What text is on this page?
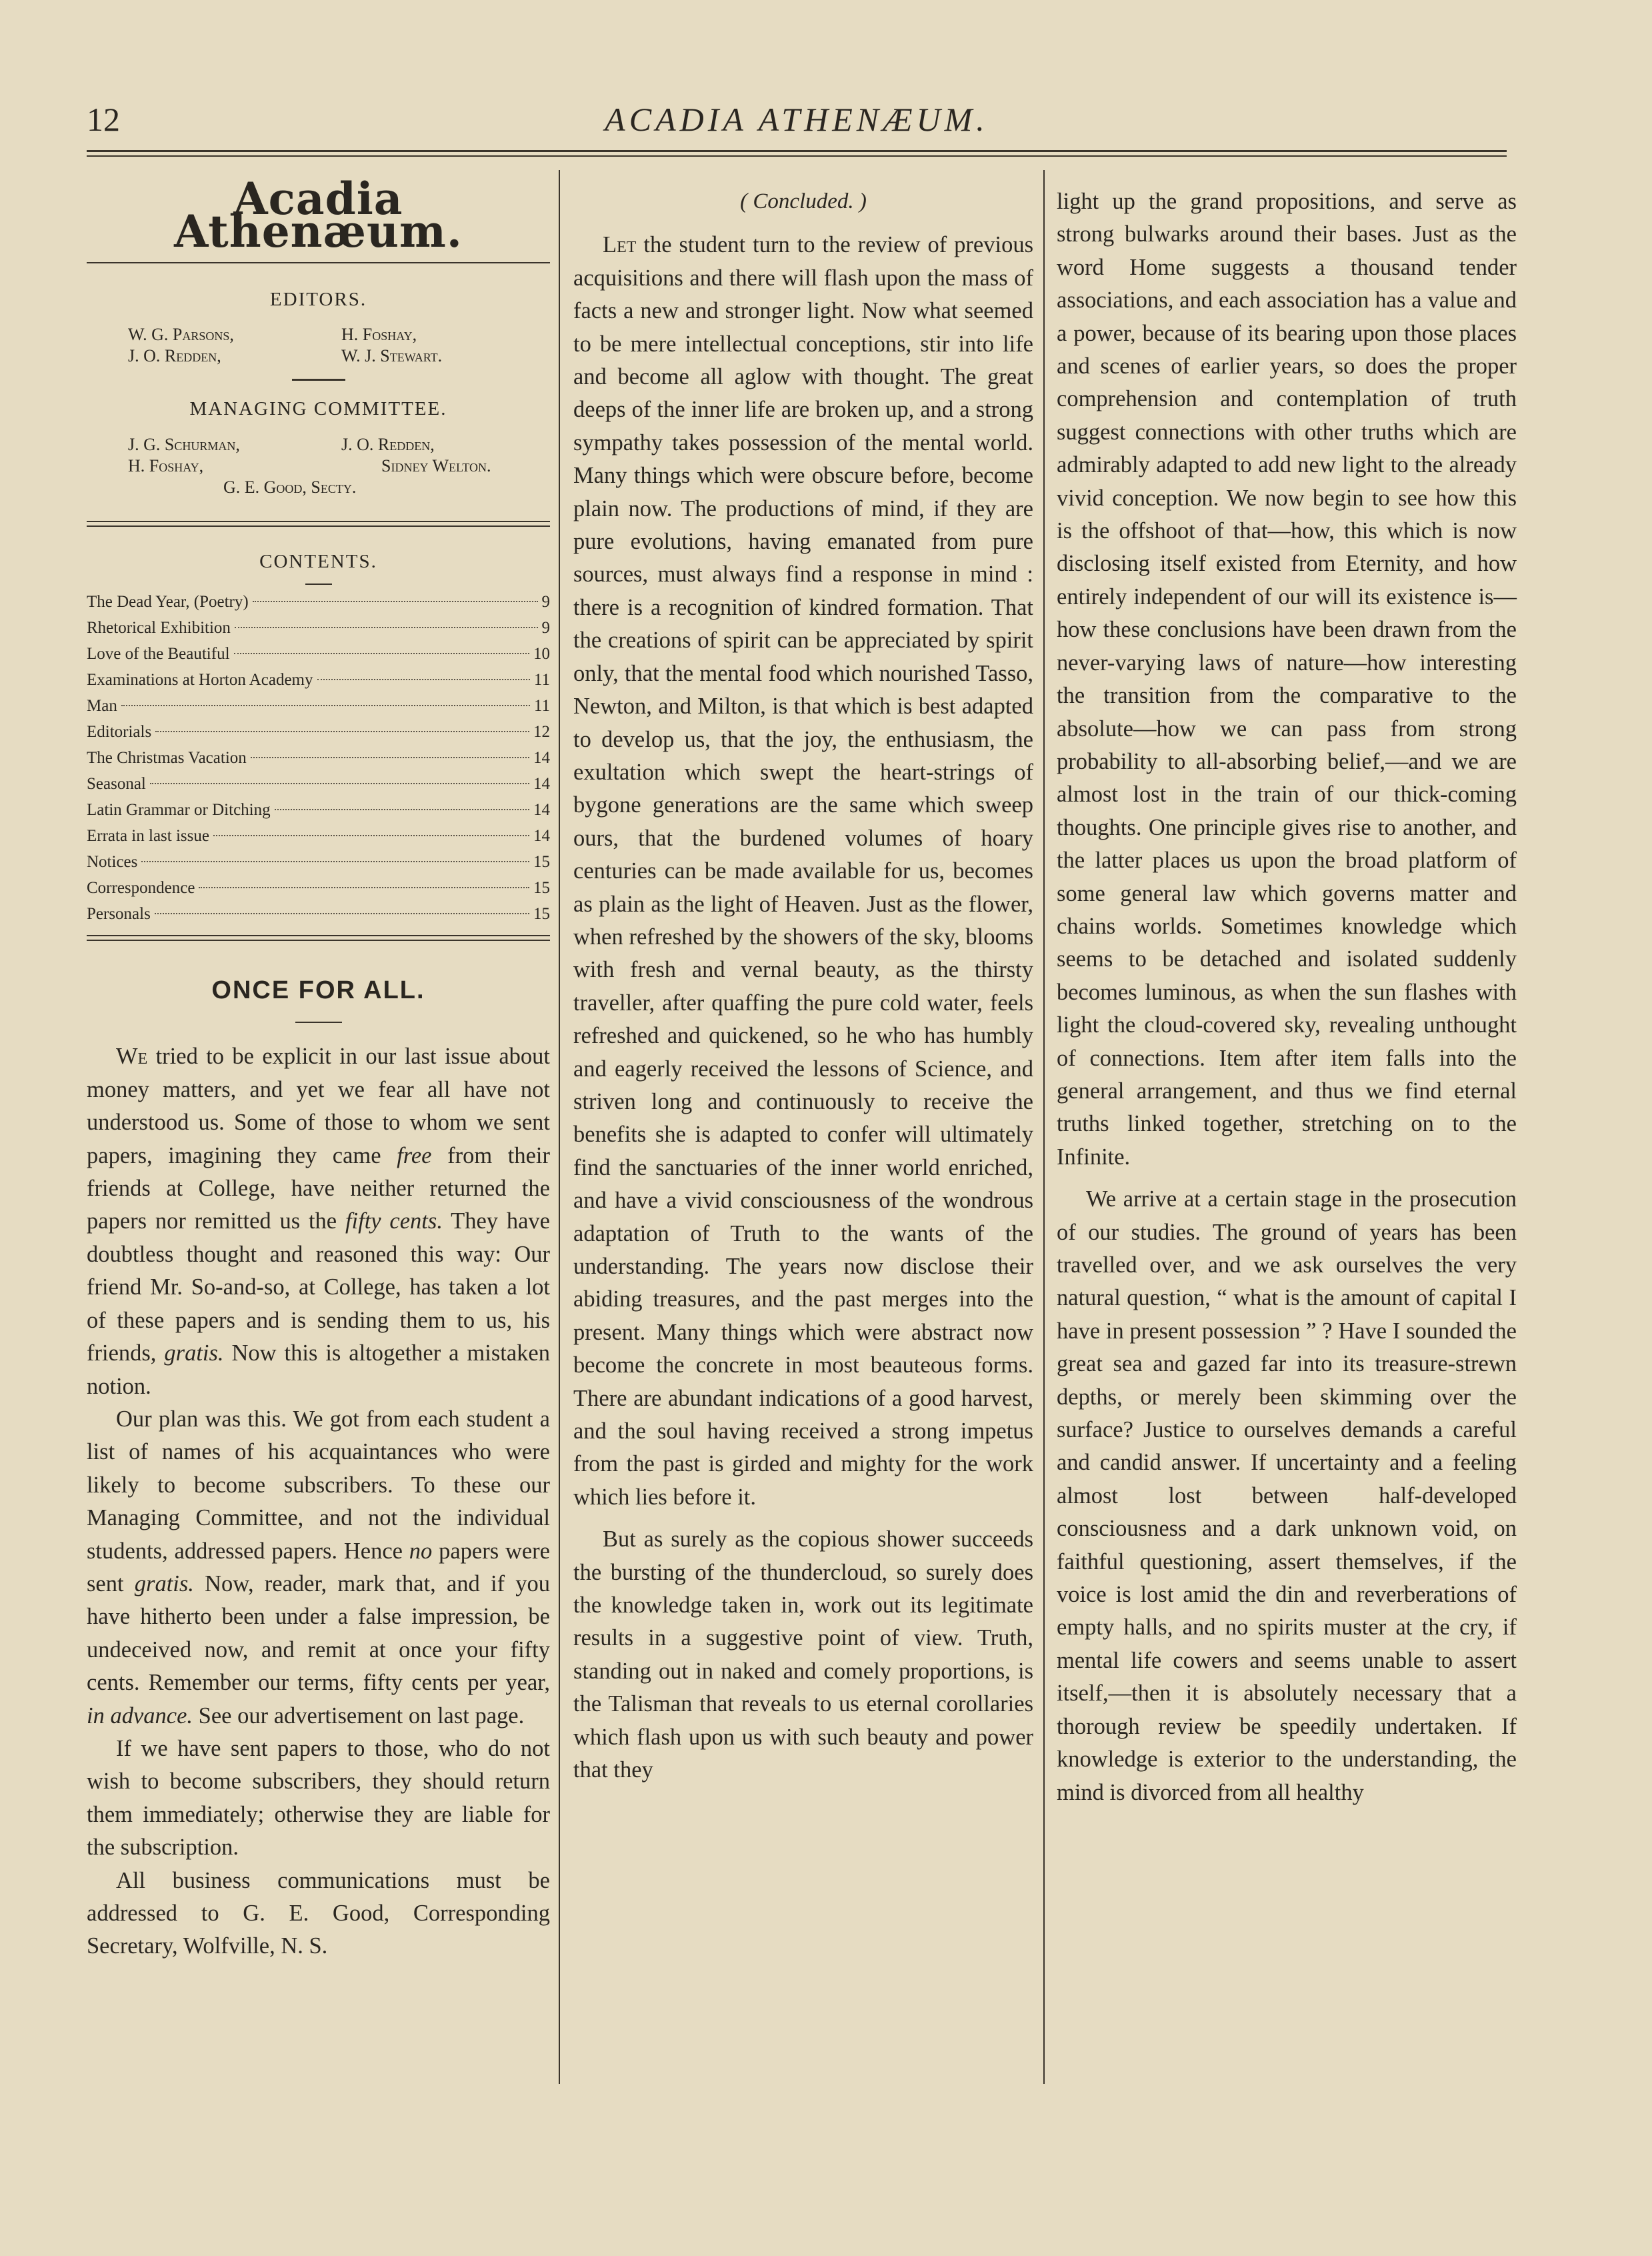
12	ACADIA ATHENÆUM.
Acadia Athenæum.
EDITORS.
W. G. Parsons,	H. Foshay,
J. O. Redden,	W. J. Stewart.
MANAGING COMMITTEE.
J. G. Schurman,	J. O. Redden,
H. Foshay,	Sidney Welton.
G. E. Good, Secty.
CONTENTS.
The Dead Year, (Poetry)	9
Rhetorical Exhibition	9
Love of the Beautiful	10
Examinations at Horton Academy	11
Man	11
Editorials	12
The Christmas Vacation	14
Seasonal	14
Latin Grammar or Ditching	14
Errata in last issue	14
Notices	15
Correspondence	15
Personals	15
ONCE FOR ALL.

We tried to be explicit in our last issue about money matters, and yet we fear all have not understood us. Some of those to whom we sent papers, imagining they came free from their friends at College, have neither returned the papers nor remitted us the fifty cents. They have doubtless thought and reasoned this way: Our friend Mr. So-and-so, at College, has taken a lot of these papers and is sending them to us, his friends, gratis. Now this is altogether a mistaken notion.

Our plan was this. We got from each student a list of names of his acquaintances who were likely to become subscribers. To these our Managing Committee, and not the individual students, addressed papers. Hence no papers were sent gratis. Now, reader, mark that, and if you have hitherto been under a false impression, be undeceived now, and remit at once your fifty cents. Remember our terms, fifty cents per year, in advance. See our advertisement on last page.

If we have sent papers to those, who do not wish to become subscribers, they should return them immediately; otherwise they are liable for the subscription.

All business communications must be addressed to G. E. Good, Corresponding Secretary, Wolfville, N. S.

( Concluded. )

Let the student turn to the review of previous acquisitions and there will flash upon the mass of facts a new and stronger light. Now what seemed to be mere intellectual conceptions, stir into life and become all aglow with thought. The great deeps of the inner life are broken up, and a strong sympathy takes possession of the mental world. Many things which were obscure before, become plain now. The productions of mind, if they are pure evolutions, having emanated from pure sources, must always find a response in mind : there is a recognition of kindred formation. That the creations of spirit can be appreciated by spirit only, that the mental food which nourished Tasso, Newton, and Milton, is that which is best adapted to develop us, that the joy, the enthusiasm, the exultation which swept the heart-strings of bygone generations are the same which sweep ours, that the burdened volumes of hoary centuries can be made available for us, becomes as plain as the light of Heaven. Just as the flower, when refreshed by the showers of the sky, blooms with fresh and vernal beauty, as the thirsty traveller, after quaffing the pure cold water, feels refreshed and quickened, so he who has humbly and eagerly received the lessons of Science, and striven long and continuously to receive the benefits she is adapted to confer will ultimately find the sanctuaries of the inner world enriched, and have a vivid consciousness of the wondrous adaptation of Truth to the wants of the understanding. The years now disclose their abiding treasures, and the past merges into the present. Many things which were abstract now become the concrete in most beauteous forms. There are abundant indications of a good harvest, and the soul having received a strong impetus from the past is girded and mighty for the work which lies before it.

But as surely as the copious shower succeeds the bursting of the thundercloud, so surely does the knowledge taken in, work out its legitimate results in a suggestive point of view. Truth, standing out in naked and comely proportions, is the Talisman that reveals to us eternal corollaries which flash upon us with such beauty and power that they

light up the grand propositions, and serve as strong bulwarks around their bases. Just as the word Home suggests a thousand tender associations, and each association has a value and a power, because of its bearing upon those places and scenes of earlier years, so does the proper comprehension and contemplation of truth suggest connections with other truths which are admirably adapted to add new light to the already vivid conception. We now begin to see how this is the offshoot of that—how, this which is now disclosing itself existed from Eternity, and how entirely independent of our will its existence is—how these conclusions have been drawn from the never-varying laws of nature—how interesting the transition from the comparative to the absolute—how we can pass from strong probability to all-absorbing belief,—and we are almost lost in the train of our thick-coming thoughts. One principle gives rise to another, and the latter places us upon the broad platform of some general law which governs matter and chains worlds. Sometimes knowledge which seems to be detached and isolated suddenly becomes luminous, as when the sun flashes with light the cloud-covered sky, revealing unthought of connections. Item after item falls into the general arrangement, and thus we find eternal truths linked together, stretching on to the Infinite.

We arrive at a certain stage in the prosecution of our studies. The ground of years has been travelled over, and we ask ourselves the very natural question, “ what is the amount of capital I have in present possession ” ? Have I sounded the great sea and gazed far into its treasure-strewn depths, or merely been skimming over the surface? Justice to ourselves demands a careful and candid answer. If uncertainty and a feeling almost lost between half-developed consciousness and a dark unknown void, on faithful questioning, assert themselves, if the voice is lost amid the din and reverberations of empty halls, and no spirits muster at the cry, if mental life cowers and seems unable to assert itself,—then it is absolutely necessary that a thorough review be speedily undertaken. If knowledge is exterior to the understanding, the mind is divorced from all healthy
